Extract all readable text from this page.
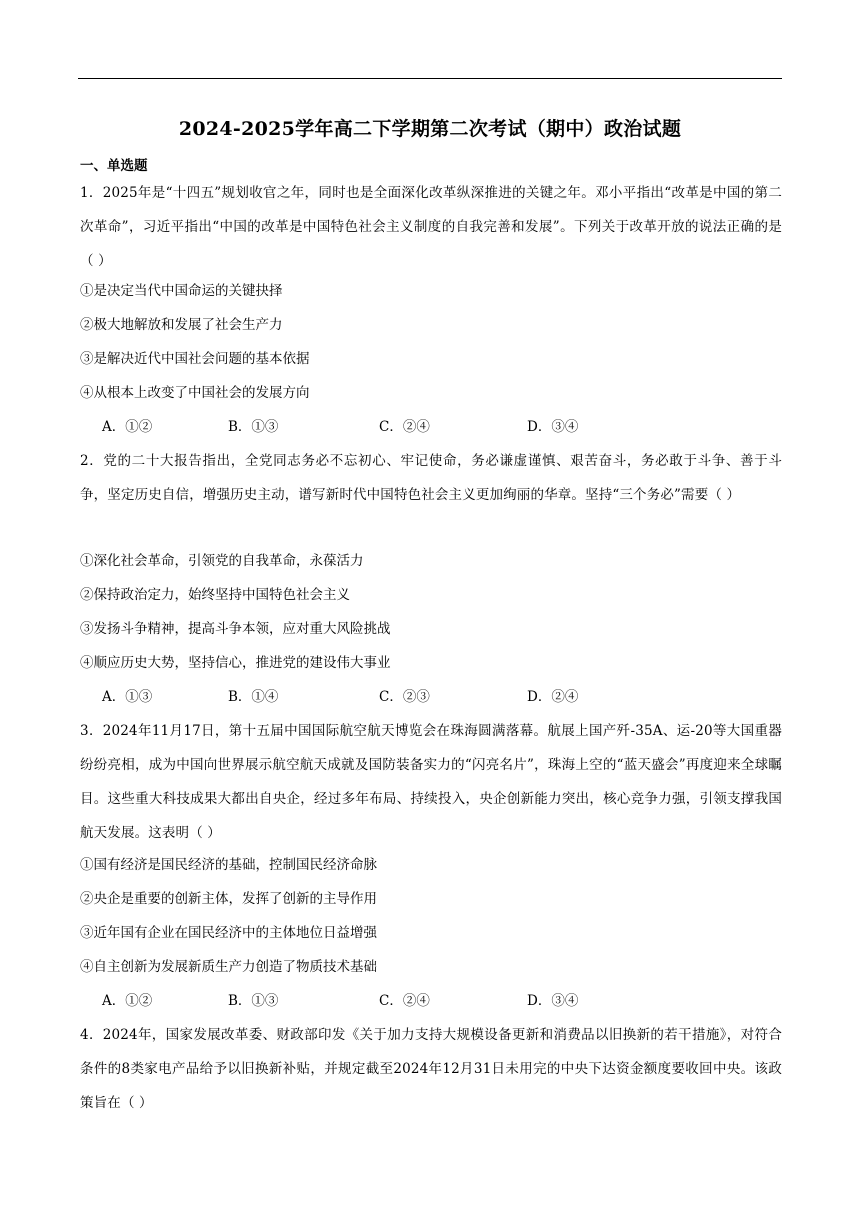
2024-2025学年高二下学期第二次考试（期中）政治试题
一、单选题
1．2025年是“十四五”规划收官之年，同时也是全面深化改革纵深推进的关键之年。邓小平指出“改革是中国的第二次革命”，习近平指出“中国的改革是中国特色社会主义制度的自我完善和发展”。下列关于改革开放的说法正确的是（ ）
①是决定当代中国命运的关键抉择
②极大地解放和发展了社会生产力
③是解决近代中国社会问题的基本依据
④从根本上改变了中国社会的发展方向
A．①②	B．①③	C．②④	D．③④
2．党的二十大报告指出，全党同志务必不忘初心、牢记使命，务必谦虚谨慎、艰苦奋斗，务必敢于斗争、善于斗争，坚定历史自信，增强历史主动，谱写新时代中国特色社会主义更加绚丽的华章。坚持“三个务必”需要（ ）
①深化社会革命，引领党的自我革命，永葆活力
②保持政治定力，始终坚持中国特色社会主义
③发扬斗争精神，提高斗争本领，应对重大风险挑战
④顺应历史大势，坚持信心，推进党的建设伟大事业
A．①③	B．①④	C．②③	D．②④
3．2024年11月17日，第十五届中国国际航空航天博览会在珠海圆满落幕。航展上国产歼-35A、运-20等大国重器纷纷亮相，成为中国向世界展示航空航天成就及国防装备实力的“闪亮名片”，珠海上空的“蓝天盛会”再度迎来全球瞩目。这些重大科技成果大都出自央企，经过多年布局、持续投入，央企创新能力突出，核心竞争力强，引领支撑我国航天发展。这表明（ ）
①国有经济是国民经济的基础，控制国民经济命脉
②央企是重要的创新主体，发挥了创新的主导作用
③近年国有企业在国民经济中的主体地位日益增强
④自主创新为发展新质生产力创造了物质技术基础
A．①②	B．①③	C．②④	D．③④
4．2024年，国家发展改革委、财政部印发《关于加力支持大规模设备更新和消费品以旧换新的若干措施》，对符合条件的8类家电产品给予以旧换新补贴，并规定截至2024年12月31日未用完的中央下达资金额度要收回中央。该政策旨在（ ）
